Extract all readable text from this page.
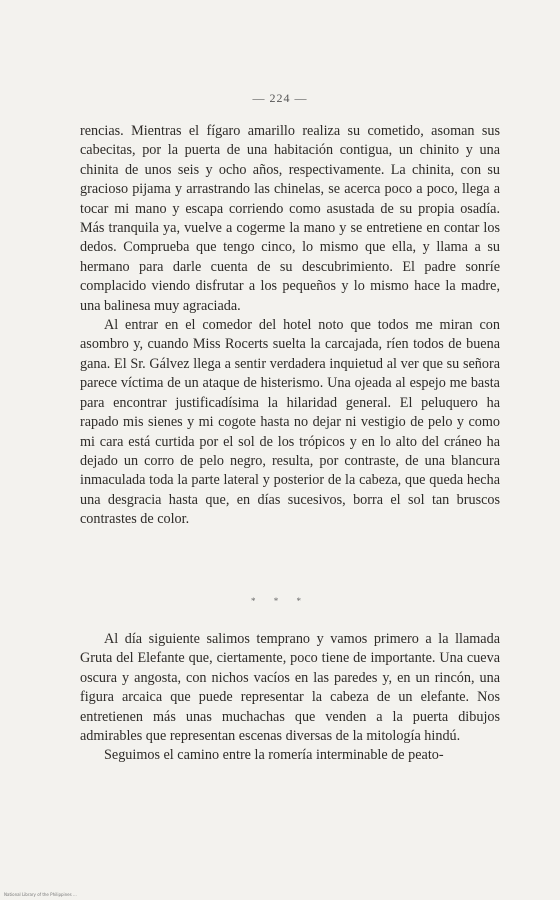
— 224 —

rencias. Mientras el fígaro amarillo realiza su cometido, asoman sus cabecitas, por la puerta de una habitación contigua, un chinito y una chinita de unos seis y ocho años, respectivamente. La chinita, con su gracioso pijama y arrastrando las chinelas, se acerca poco a poco, llega a tocar mi mano y escapa corriendo como asustada de su propia osadía. Más tranquila ya, vuelve a cogerme la mano y se entretiene en contar los dedos. Comprueba que tengo cinco, lo mismo que ella, y llama a su hermano para darle cuenta de su descubrimiento. El padre sonríe complacido viendo disfrutar a los pequeños y lo mismo hace la madre, una balinesa muy agraciada.

Al entrar en el comedor del hotel noto que todos me miran con asombro y, cuando Miss Rocerts suelta la carcajada, ríen todos de buena gana. El Sr. Gálvez llega a sentir verdadera inquietud al ver que su señora parece víctima de un ataque de histerismo. Una ojeada al espejo me basta para encontrar justificadísima la hilaridad general. El peluquero ha rapado mis sienes y mi cogote hasta no dejar ni vestigio de pelo y como mi cara está curtida por el sol de los trópicos y en lo alto del cráneo ha dejado un corro de pelo negro, resulta, por contraste, de una blancura inmaculada toda la parte lateral y posterior de la cabeza, que queda hecha una desgracia hasta que, en días sucesivos, borra el sol tan bruscos contrastes de color.

* * *

Al día siguiente salimos temprano y vamos primero a la llamada Gruta del Elefante que, ciertamente, poco tiene de importante. Una cueva oscura y angosta, con nichos vacíos en las paredes y, en un rincón, una figura arcaica que puede representar la cabeza de un elefante. Nos entretienen más unas muchachas que venden a la puerta dibujos admirables que representan escenas diversas de la mitología hindú.

Seguimos el camino entre la romería interminable de peato-

National Library of the Philippines ...
